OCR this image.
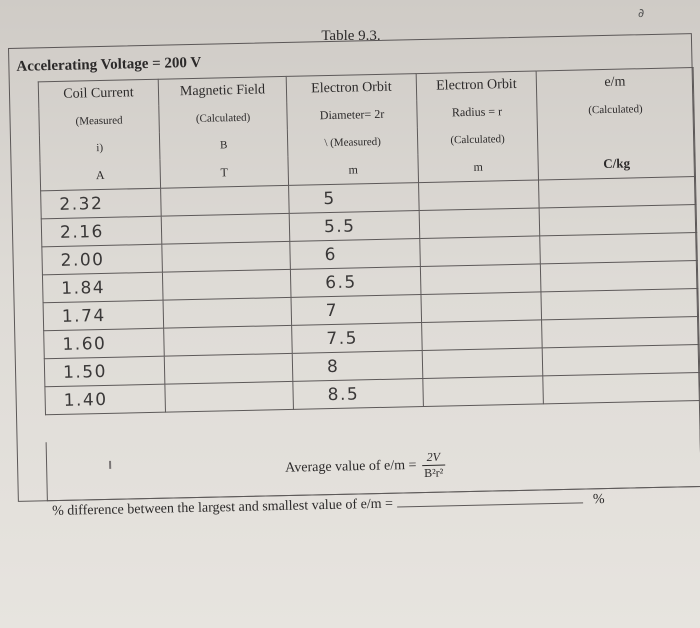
∂
Table 9.3.
Accelerating Voltage = 200 V
Coil Current	Magnetic Field	Electron Orbit	Electron Orbit	e/m
(Measured	(Calculated)	Diameter= 2r	Radius = r	(Calculated)
i)	B	\ (Measured)	(Calculated)	
A	T	m	m	C/kg

2.32		5		

2.16		5.5		

2.00		6		

1.84		6.5		

1.74		7		

1.60		7.5		

1.50		8		

1.40		8.5		

Average value of $e/m = \frac{2V}{\text{B²r²}}$
% difference between the largest and smallest value of e/m =	%
